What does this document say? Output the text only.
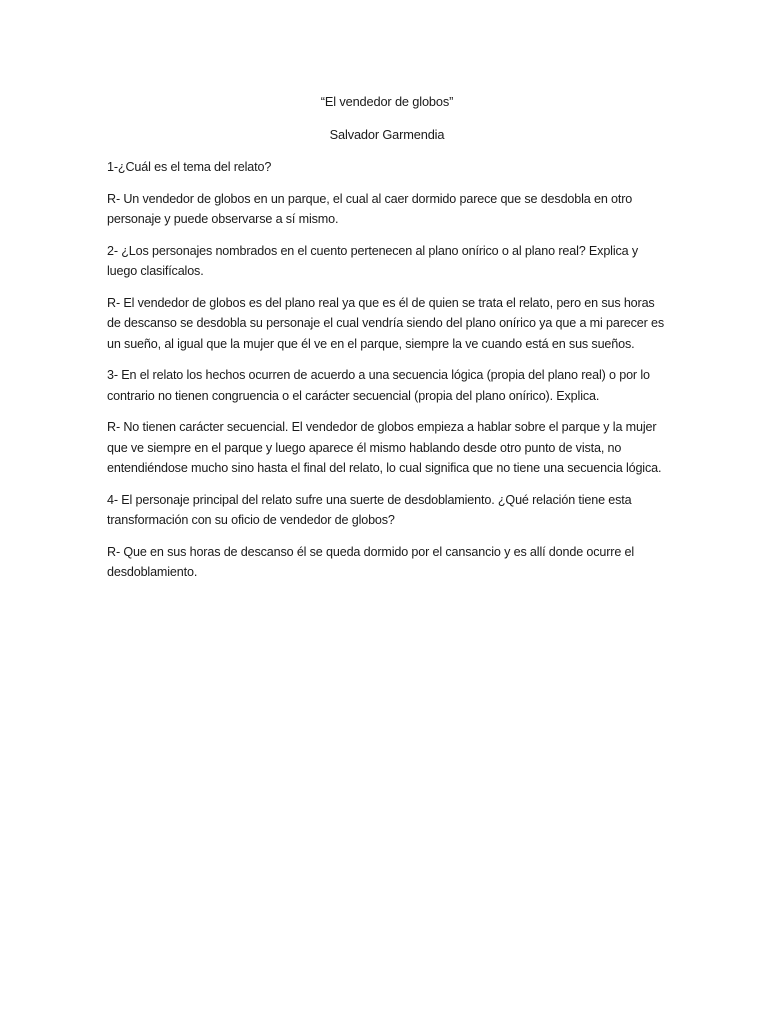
“El vendedor de globos”

Salvador Garmendia

1-¿Cuál es el tema del relato?

R- Un vendedor de globos en un parque, el cual al caer dormido parece que se desdobla en otro personaje y puede observarse a sí mismo.

2- ¿Los personajes nombrados en el cuento pertenecen al plano onírico o al plano real? Explica y luego clasifícalos.

R- El vendedor de globos es del plano real ya que es él de quien se trata el relato, pero en sus horas de descanso se desdobla su personaje el cual vendría siendo del plano onírico ya que a mi parecer es un sueño, al igual que la mujer que él ve en el parque, siempre la ve cuando está en sus sueños.

3- En el relato los hechos ocurren de acuerdo a una secuencia lógica (propia del plano real) o por lo contrario no tienen congruencia o el carácter secuencial (propia del plano onírico). Explica.

R- No tienen carácter secuencial. El vendedor de globos empieza a hablar sobre el parque y la mujer que ve siempre en el parque y luego aparece él mismo hablando desde otro punto de vista, no entendiéndose mucho sino hasta el final del relato, lo cual significa que no tiene una secuencia lógica.

4- El personaje principal del relato sufre una suerte de desdoblamiento. ¿Qué relación tiene esta transformación con su oficio de vendedor de globos?

R- Que en sus horas de descanso él se queda dormido por el cansancio y es allí donde ocurre el desdoblamiento.
